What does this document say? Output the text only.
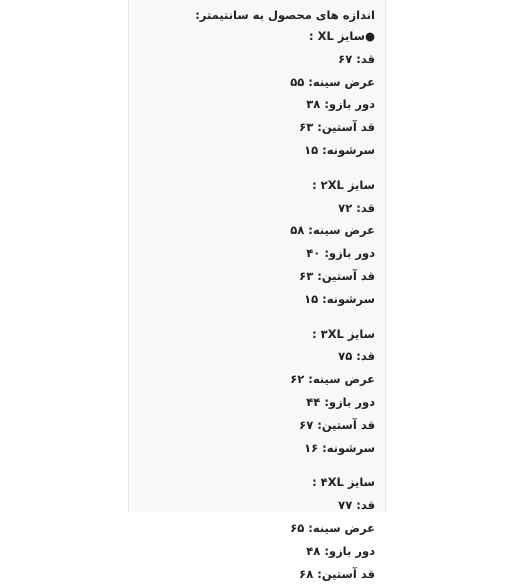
اندازه های محصول به سانتیمتر:
●سایز XL :
قد: ۶۷
عرض سینه: ۵۵
دور بازو: ۳۸
قد آستین: ۶۳
سرشونه: ۱۵
سایز ۲XL :
قد: ۷۲
عرض سینه: ۵۸
دور بازو: ۴۰
قد آستین: ۶۳
سرشونه: ۱۵
سایز ۳XL :
قد: ۷۵
عرض سینه: ۶۲
دور بازو: ۴۴
قد آستین: ۶۷
سرشونه: ۱۶
سایز ۴XL :
قد: ۷۷
عرض سینه: ۶۵
دور بازو: ۴۸
قد آستین: ۶۸
